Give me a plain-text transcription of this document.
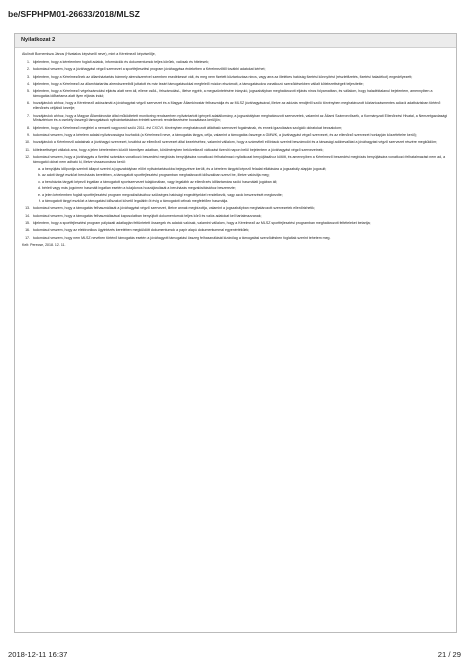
be/SFPHPM01-26633/2018/MLSZ
Nyilatkozat 2

Alulírott Bornemisza János (Hivatalos képviselő neve), mint a Kérelmező képviselője,

1. kijelentem, hogy a kérelemben foglalt adatok, információk és dokumentumok teljes körűek, valósak és hitelesek;
2. tudomásul veszem, hogy a jóváhagyást végző szervezet a sportfejlesztési program jóváhagyása érdekében a Kérelmezőtől további adatokat kérhet;
3. kijelentem, hogy a Kérelmezőnek az államháztartás bármely alrendszerével szemben esedékessé vált, és meg nem fizetett köztartozása nincs, vagy arra az illetékes hatóság fizetési könnyítést (részletfizetés, fizetési haladékot) engedélyezett;
4. kijelentem, hogy a Kérelmező az államháztartás alrendszereiből juttatott és már lezárt támogatásokkal megfelelő módon elszámolt, a támogatásokra vonatkozó szerződésekben vállalt kötelezettségeit teljesítette;
5. kijelentem, hogy a Kérelmező végelszámolási eljárás alatt nem áll, ellene csőd-, felszámolási-, illetve egyéb, a megszüntetésére irányuló, jogszabályban meghatározott eljárás nincs folyamatban, és vállalom, hogy haladéktalanul bejelentem, amennyiben a támogatás időtartama alatt ilyen eljárás indul;
6. hozzájárulok ahhoz, hogy a Kérelmező adószámát a jóváhagyást végző szervezet és a Magyar Államkincstár felhasználja és az MLSZ jóváhagyásával, illetve az adózás rendjéről szóló törvényben meghatározott köztartozásmentes adózói adatbázisban történő ellenőrzés céljából kezelje;
7. hozzájárulok ahhoz, hogy a Magyar Államkincstár által működtetett monitoring rendszerben nyilvántartott igényelt adatállomány, a jogszabályban meghatározott szervezetek, valamint az Állami Számvevőszék, a Kormányzati Ellenőrzési Hivatal, a Nemzetgazdasági Minisztérium és a csekély összegű támogatások nyilvántartásában érintett szervek rendelkezésére bocsátásra kerüljön;
8. kijelentem, hogy a Kérelmező megfelel a nemzeti vagyonról szóló 2011. évi CXCVI. törvényben meghatározott átlátható szervezet fogalmának, és ennek igazolására szolgáló okiratokat becsatolom;
9. tudomásul veszem, hogy a kérelem adatai nyilvánosságra hozhatók (a Kérelmező neve, a támogatás tárgya, célja, valamint a támogatás összege a GMWK, a jóváhagyást végző szervezet, és az ellenőrző szervezet honlapján közzétételre kerül);
10. hozzájárulok a Kérelmező adatainak a jóváhagyó szervezet, továbbá az ellenőrző szervezet által kezeléséhez, valamint vállalom, hogy a számviteli előírások szerinti beszámolót és a társasági adóbevallást a jóváhagyást végző szervezet részére megküldöm;
11. kötelezettséget vállalok arra, hogy a jelen kérelemben közölt bármilyen adatban, körülményben bekövetkező változást tizenöt napon belül bejelentem a jóváhagyást végző szervezetnek;
12. tudomásul veszem, hogy a jóváhagyás a fizetési számlára vonatkozó beszedési megbízás benyújtására vonatkozó felhatalmazó nyilatkozat benyújtásához kötött, és amennyiben a Kérelmező beszedési megbízás benyújtására vonatkozó felhatalmazást nem ad, a támogatói okirat nem adható ki, illetve visszavonásra kerül:
a. a benyújtás időpontja szerinti állapot szerint a jogszabályban előírt nyilvántartásokba bejegyzésre került, és a kérelem tárgyát képező feladat ellátására a jogszabály alapján jogosult;
b. az adott tárgyi eszközt beruházás keretében, a támogatott sportfejlesztési programban meghatározott időszakban szerzi be, illetve valósítja meg;
c. a beruházás tárgyát képező ingatlan a támogatott sportszervezet tulajdonában, vagy legalább az ellenőrzés időtartamára szóló használati jogában áll;
d. bérleti vagy más jogcímen használt ingatlan esetén a tulajdonos hozzájárulását a beruházás megvalósításához beszerezte;
e. a jelen kérelemben foglalt sportfejlesztési program megvalósításához szükséges hatósági engedélyekkel rendelkezik, vagy azok beszerzését megkezdte;
f. a támogatott tárgyi eszközt a támogatási időszakot követő legalább öt évig a támogatott célnak megfelelően használja.
13. tudomásul veszem, hogy a támogatás felhasználását a jóváhagyást végző szervezet, illetve annak megbízottja, valamint a jogszabályban meghatározott szervezetek ellenőrizhetik;
14. tudomásul veszem, hogy a támogatás felhasználásával kapcsolatban benyújtott dokumentumok teljes körű és valós adatokat kell tartalmazzanak;
15. kijelentem, hogy a sportfejlesztési program pályázati adatlapján feltüntetett összegek és adatok valósak, valamint vállalom, hogy a Kérelmező az MLSZ sportfejlesztési programban meghatározott feltételeket betartja;
16. tudomásul veszem, hogy az elektronikus ügyintézés keretében megküldött dokumentumok a papír alapú dokumentummal egyenértékűek;
17. tudomásul veszem, hogy nem MLSZ nevében történő támogatás esetén a jóváhagyott támogatási összeg felhasználását kizárólag a támogatási szerződésben foglaltak szerint tehetem meg.

Kelt: Perecse, 2018. 12. 11.

2018-12-11 16:37	21 / 29
